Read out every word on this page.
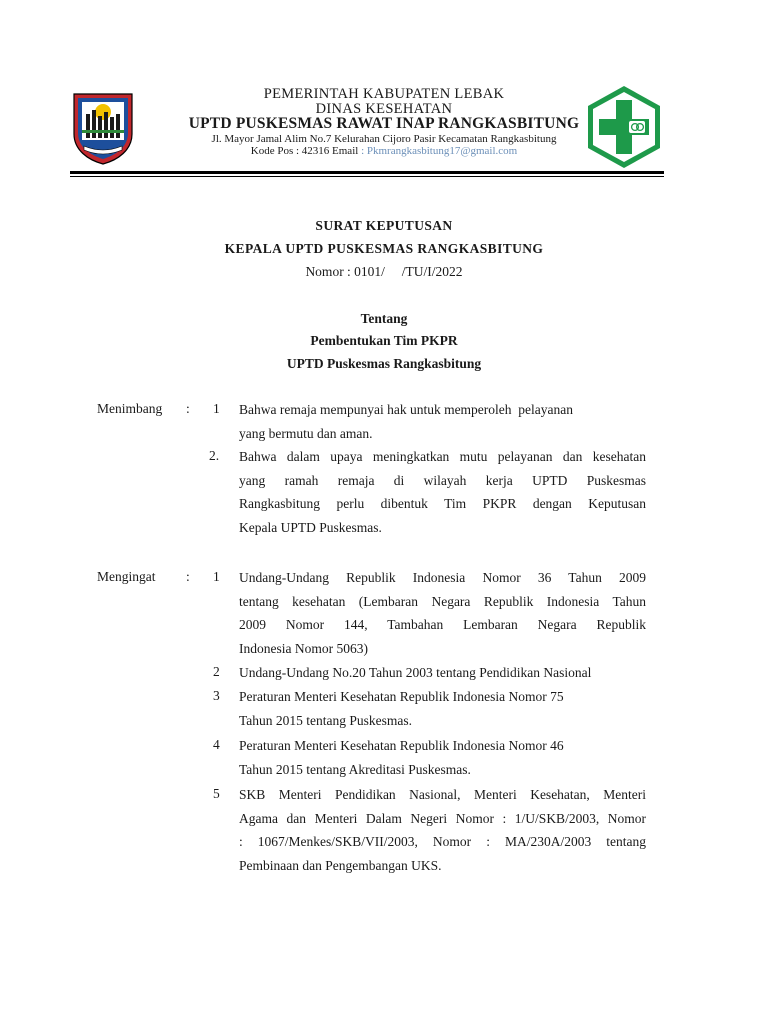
PEMERINTAH KABUPATEN LEBAK
DINAS KESEHATAN
UPTD PUSKESMAS RAWAT INAP RANGKASBITUNG
Jl. Mayor Jamal Alim No.7 Kelurahan Cijoro Pasir Kecamatan Rangkasbitung
Kode Pos : 42316 Email : Pkmrangkasbitung17@gmail.com
SURAT KEPUTUSAN
KEPALA UPTD PUSKESMAS RANGKASBITUNG
Nomor : 0101/     /TU/I/2022
Tentang
Pembentukan Tim PKPR
UPTD Puskesmas Rangkasbitung
Menimbang : 1 Bahwa remaja mempunyai hak untuk memperoleh  pelayanan
yang bermutu dan aman.
2. Bahwa dalam upaya meningkatkan mutu pelayanan dan kesehatan
yang ramah remaja di wilayah kerja UPTD Puskesmas
Rangkasbitung perlu dibentuk Tim PKPR dengan Keputusan
Kepala UPTD Puskesmas.
Mengingat : 1 Undang-Undang Republik Indonesia Nomor 36 Tahun 2009
tentang kesehatan (Lembaran Negara Republik Indonesia Tahun
2009 Nomor 144, Tambahan Lembaran Negara Republik
Indonesia Nomor 5063)
2 Undang-Undang No.20 Tahun 2003 tentang Pendidikan Nasional
3 Peraturan Menteri Kesehatan Republik Indonesia Nomor 75
Tahun 2015 tentang Puskesmas.
4 Peraturan Menteri Kesehatan Republik Indonesia Nomor 46
Tahun 2015 tentang Akreditasi Puskesmas.
5 SKB Menteri Pendidikan Nasional, Menteri Kesehatan, Menteri
Agama dan Menteri Dalam Negeri Nomor : 1/U/SKB/2003, Nomor
: 1067/Menkes/SKB/VII/2003, Nomor : MA/230A/2003 tentang
Pembinaan dan Pengembangan UKS.
